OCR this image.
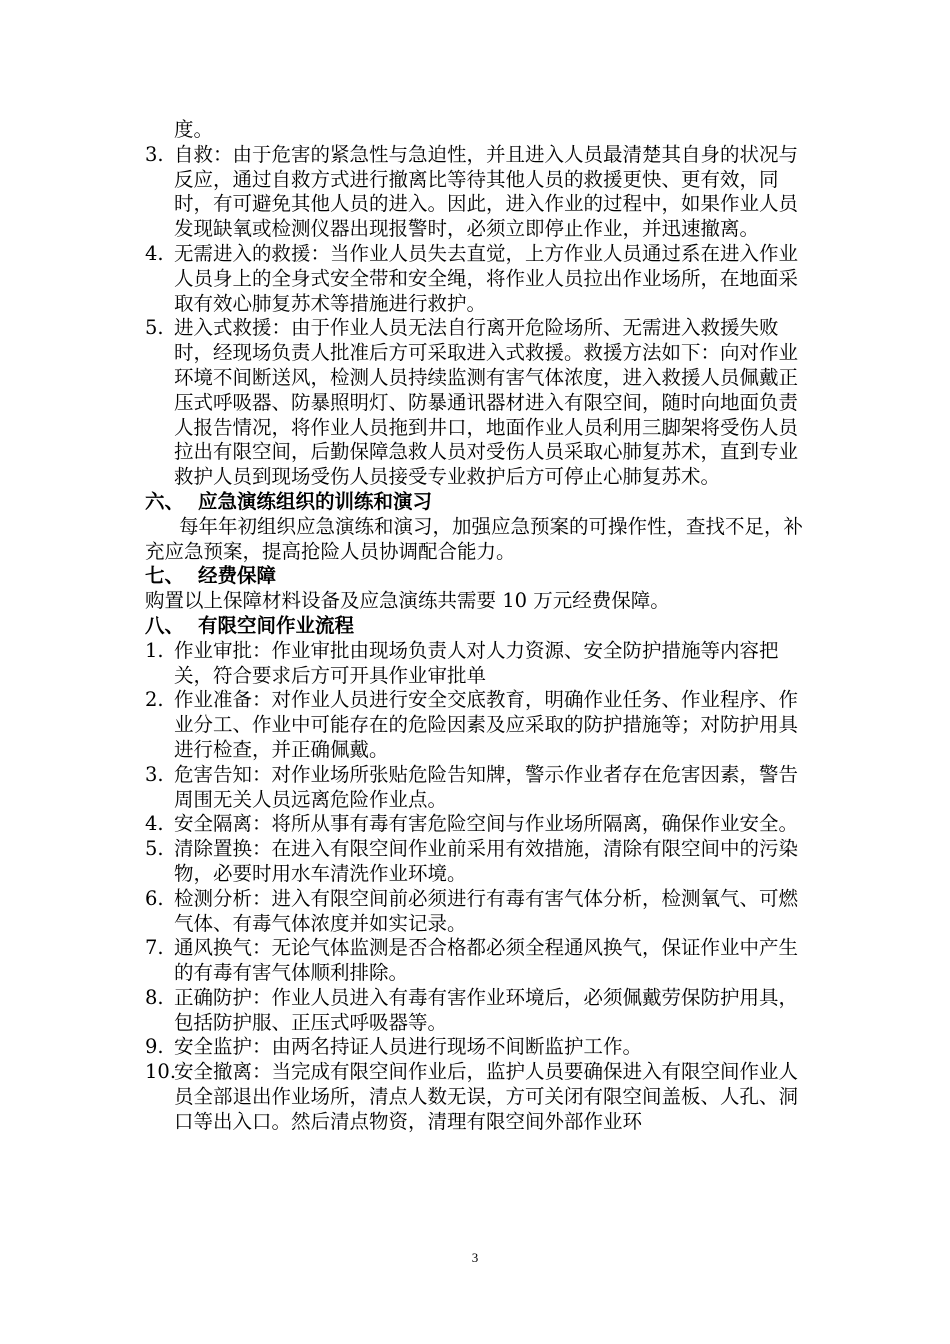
度。
3. 自救：由于危害的紧急性与急迫性，并且进入人员最清楚其自身的状况与反应，通过自救方式进行撤离比等待其他人员的救援更快、更有效，同时，有可避免其他人员的进入。因此，进入作业的过程中，如果作业人员发现缺氧或检测仪器出现报警时，必须立即停止作业，并迅速撤离。
4. 无需进入的救援：当作业人员失去直觉，上方作业人员通过系在进入作业人员身上的全身式安全带和安全绳，将作业人员拉出作业场所，在地面采取有效心肺复苏术等措施进行救护。
5. 进入式救援：由于作业人员无法自行离开危险场所、无需进入救援失败时，经现场负责人批准后方可采取进入式救援。救援方法如下：向对作业环境不间断送风，检测人员持续监测有害气体浓度，进入救援人员佩戴正压式呼吸器、防暴照明灯、防暴通讯器材进入有限空间，随时向地面负责人报告情况，将作业人员拖到井口，地面作业人员利用三脚架将受伤人员拉出有限空间，后勤保障急救人员对受伤人员采取心肺复苏术，直到专业救护人员到现场受伤人员接受专业救护后方可停止心肺复苏术。
六、 应急演练组织的训练和演习
每年年初组织应急演练和演习，加强应急预案的可操作性，查找不足，补充应急预案，提高抢险人员协调配合能力。
七、 经费保障
购置以上保障材料设备及应急演练共需要 10 万元经费保障。
八、 有限空间作业流程
1. 作业审批：作业审批由现场负责人对人力资源、安全防护措施等内容把关，符合要求后方可开具作业审批单
2. 作业准备：对作业人员进行安全交底教育，明确作业任务、作业程序、作业分工、作业中可能存在的危险因素及应采取的防护措施等；对防护用具进行检查，并正确佩戴。
3. 危害告知：对作业场所张贴危险告知牌，警示作业者存在危害因素，警告周围无关人员远离危险作业点。
4. 安全隔离：将所从事有毒有害危险空间与作业场所隔离，确保作业安全。
5. 清除置换：在进入有限空间作业前采用有效措施，清除有限空间中的污染物，必要时用水车清洗作业环境。
6. 检测分析：进入有限空间前必须进行有毒有害气体分析，检测氧气、可燃气体、有毒气体浓度并如实记录。
7. 通风换气：无论气体监测是否合格都必须全程通风换气，保证作业中产生的有毒有害气体顺利排除。
8. 正确防护：作业人员进入有毒有害作业环境后，必须佩戴劳保防护用具，包括防护服、正压式呼吸器等。
9. 安全监护：由两名持证人员进行现场不间断监护工作。
10.
安全撤离：当完成有限空间作业后，监护人员要确保进入有限空间作业人员全部退出作业场所，清点人数无误，方可关闭有限空间盖板、人孔、洞口等出入口。然后清点物资，清理有限空间外部作业环
3
